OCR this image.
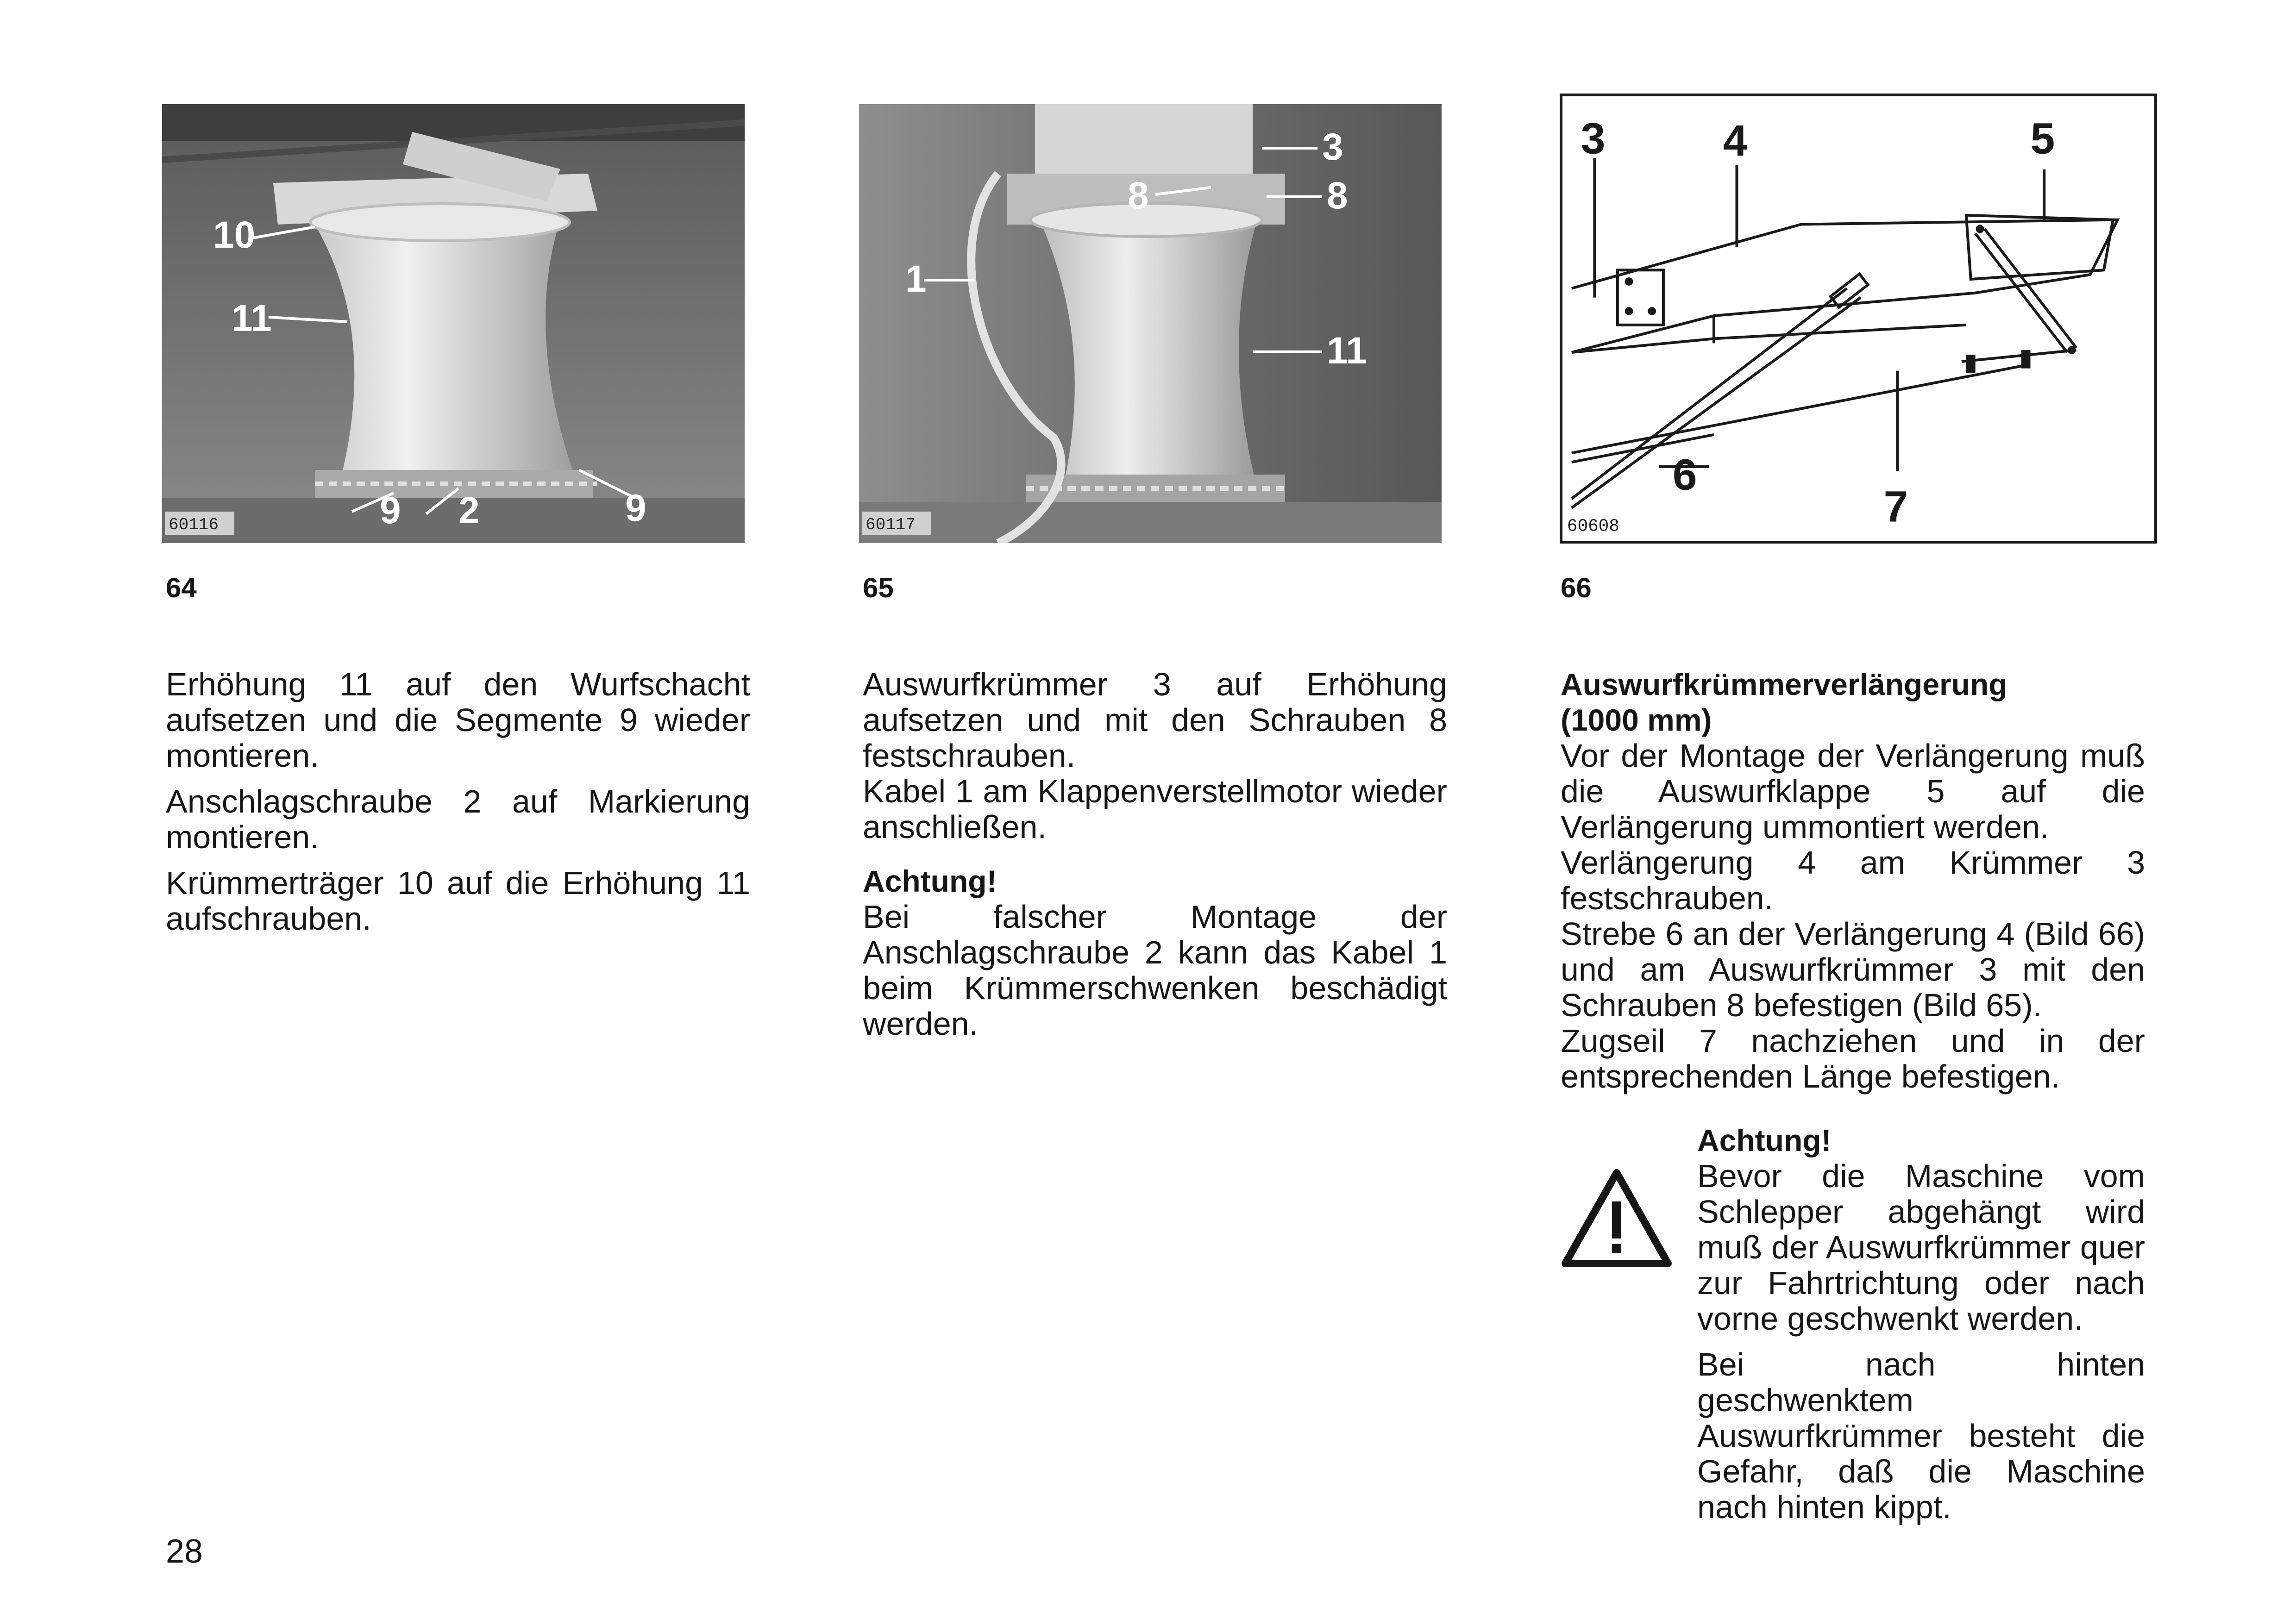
10
11
9
2
9
60116
64
3
8
8
1
11
60117
65
3	4	5
6
7
60608
66

Erhöhung 11 auf den Wurfschacht aufsetzen und die Segmente 9 wieder montieren.

Anschlagschraube 2 auf Markierung montieren.

Krümmerträger 10 auf die Erhöhung 11 aufschrauben.

Auswurfkrümmer 3 auf Erhöhung aufsetzen und mit den Schrauben 8 festschrauben.

Kabel 1 am Klappenverstellmotor wieder anschließen.

Achtung!

Bei falscher Montage der Anschlagschraube 2 kann das Kabel 1 beim Krümmerschwenken beschädigt werden.

Auswurfkrümmerverlängerung
(1000 mm)

Vor der Montage der Verlängerung muß die Auswurfklappe 5 auf die Verlängerung ummontiert werden.

Verlängerung 4 am Krümmer 3 festschrauben.

Strebe 6 an der Verlängerung 4 (Bild 66) und am Auswurfkrümmer 3 mit den Schrauben 8 befestigen (Bild 65).

Zugseil 7 nachziehen und in der entsprechenden Länge befestigen.

Achtung!

Bevor die Maschine vom Schlepper abgehängt wird muß der Auswurfkrümmer quer zur Fahrtrichtung oder nach vorne geschwenkt werden.

Bei nach hinten geschwenktem Auswurfkrümmer besteht die Gefahr, daß die Maschine nach hinten kippt.

28
